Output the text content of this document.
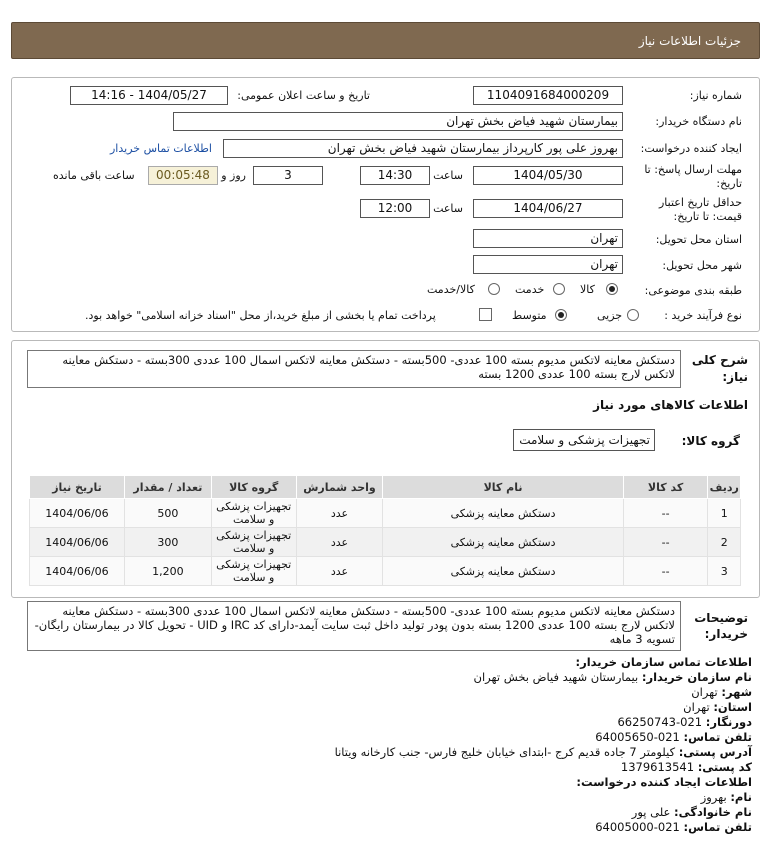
جزئیات اطلاعات نیاز
شماره نیاز:
1104091684000209
تاریخ و ساعت اعلان عمومی:
1404/05/27 - 14:16
نام دستگاه خریدار:
بیمارستان شهید فیاض بخش تهران
ایجاد کننده درخواست:
بهروز علی پور کارپرداز بیمارستان شهید فیاض بخش تهران
اطلاعات تماس خریدار
مهلت ارسال پاسخ: تا
تاریخ:
1404/05/30
ساعت
14:30
3
روز و
00:05:48
ساعت باقی مانده
حداقل تاریخ اعتبار
قیمت: تا تاریخ:
1404/06/27
ساعت
12:00
استان محل تحویل:
تهران
شهر محل تحویل:
تهران
طبقه بندی موضوعی:
کالا
خدمت
کالا/خدمت
نوع فرآیند خرید :
جزیی
متوسط
پرداخت تمام یا بخشی از مبلغ خرید،از محل "اسناد خزانه اسلامی" خواهد بود.
شرح کلی
نیاز:
دستکش معاینه لاتکس مدیوم بسته 100 عددی- 500بسته - دستکش معاینه لاتکس اسمال 100 عددی 300بسته - دستکش معاینه لاتکس لارج بسته 100 عددی 1200 بسته
اطلاعات کالاهای مورد نیاز
گروه کالا:
تجهیزات پزشکی و سلامت
ردیف	کد کالا	نام کالا	واحد شمارش	گروه کالا	تعداد / مقدار	تاریخ نیاز
1	--	دستکش معاینه پزشکی	عدد	تجهیزات پزشکی و سلامت	500	1404/06/06
2	--	دستکش معاینه پزشکی	عدد	تجهیزات پزشکی و سلامت	300	1404/06/06
3	--	دستکش معاینه پزشکی	عدد	تجهیزات پزشکی و سلامت	1,200	1404/06/06
توضیحات
خریدار:
دستکش معاینه لاتکس مدیوم بسته 100 عددی- 500بسته - دستکش معاینه لاتکس اسمال 100 عددی 300بسته - دستکش معاینه لاتکس لارج بسته 100 عددی 1200 بسته بدون پودر تولید داخل ثبت سایت آیمد-دارای کد IRC و UID - تحویل کالا در بیمارستان رایگان- تسویه 3 ماهه
اطلاعات تماس سازمان خریدار:
نام سازمان خریدار: بیمارستان شهید فیاض بخش تهران
شهر: تهران
استان: تهران
دورنگار: 021-66250743
تلفن تماس: 021-64005650
آدرس پستی: کیلومتر 7 جاده قدیم کرج -ابتدای خیابان خلیج فارس- جنب کارخانه ویتانا
کد پستی: 1379613541
اطلاعات ایجاد کننده درخواست:
نام: بهروز
نام خانوادگی: علی پور
تلفن تماس: 021-64005000
